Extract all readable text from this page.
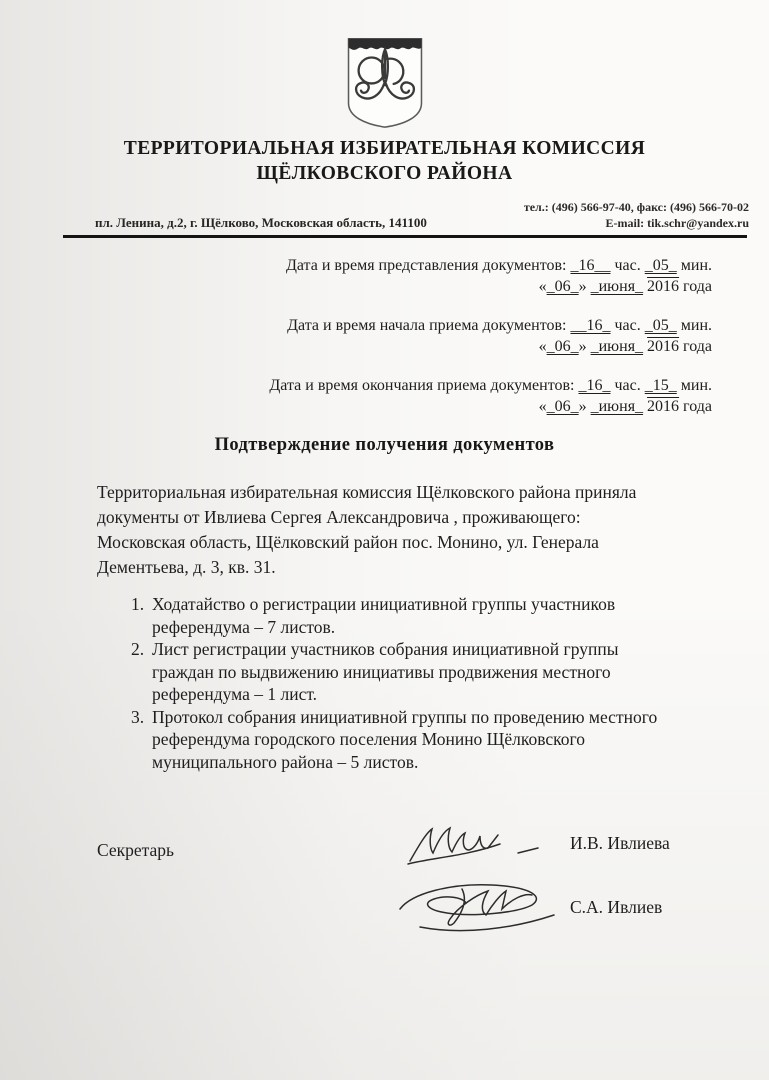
ТЕРРИТОРИАЛЬНАЯ ИЗБИРАТЕЛЬНАЯ КОМИССИЯ
ЩЁЛКОВСКОГО РАЙОНА
пл. Ленина, д.2, г. Щёлково, Московская область, 141100
тел.: (496) 566-97-40, факс: (496) 566-70-02
E-mail: tik.schr@yandex.ru
Дата и время представления документов: _16__ час. _05_ мин.
«_06_» _июня_ 2016 года
Дата и время начала приема документов: __16_ час. _05_ мин.
«_06_» _июня_ 2016 года
Дата и время окончания приема документов: _16_ час. _15_ мин.
«_06_» _июня_ 2016 года
Подтверждение получения документов
Территориальная избирательная комиссия Щёлковского района приняла
документы от Ивлиева Сергея Александровича , проживающего:
Московская область, Щёлковский район пос. Монино, ул. Генерала
Дементьева, д. 3, кв. 31.
1. Ходатайство о регистрации инициативной группы участников
референдума – 7 листов.
2. Лист регистрации участников собрания инициативной группы
граждан по выдвижению инициативы продвижения местного
референдума – 1 лист.
3. Протокол собрания инициативной группы по проведению местного
референдума городского поселения Монино Щёлковского
муниципального района – 5 листов.
Секретарь	И.В. Ивлиева
С.А. Ивлиев
